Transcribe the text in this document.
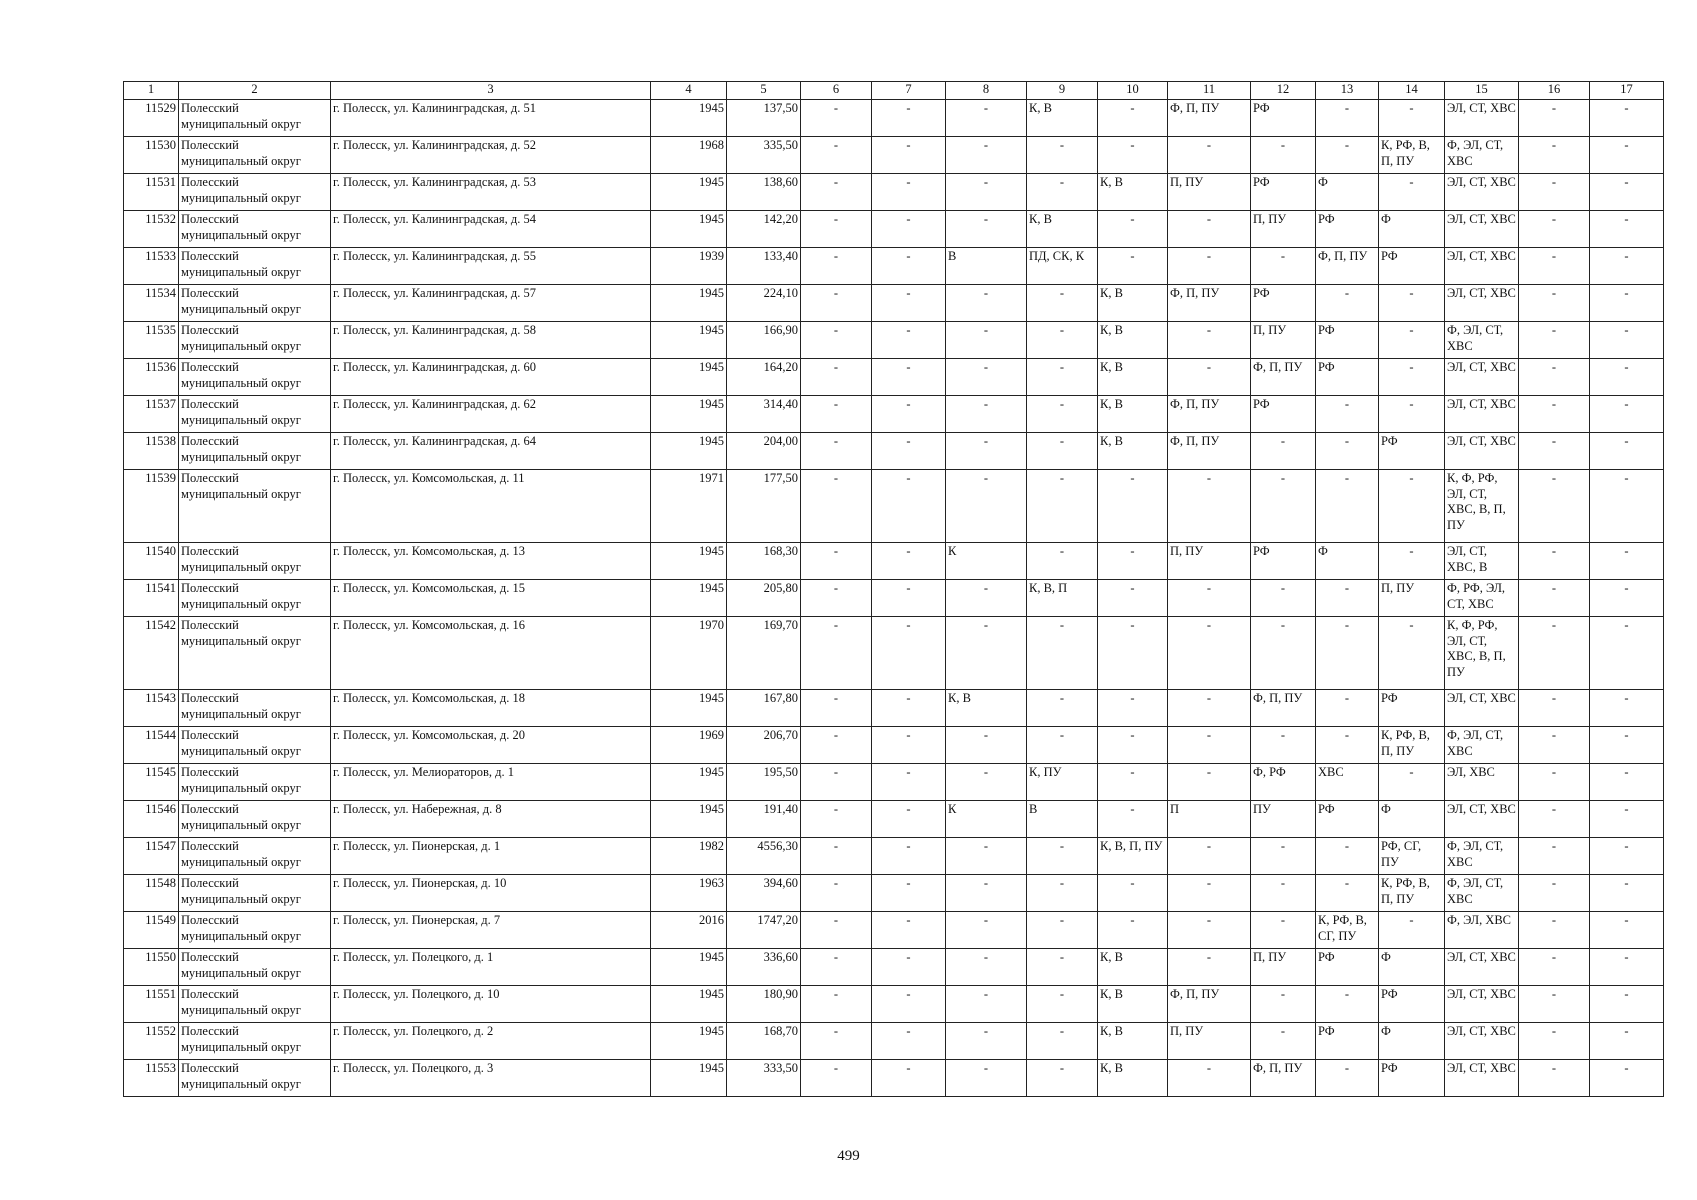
1	2	3	4	5	6	7	8	9	10	11	12	13	14	15	16	17
11529	Полесский муниципальный округ	г. Полесск, ул. Калининградская, д. 51	1945	137,50	-	-	-	К, В	-	Ф, П, ПУ	РФ	-	-	ЭЛ, СТ, ХВС	-	-
11530	Полесский муниципальный округ	г. Полесск, ул. Калининградская, д. 52	1968	335,50	-	-	-	-	-	-	-	-	К, РФ, В, П, ПУ	Ф, ЭЛ, СТ, ХВС	-	-
11531	Полесский муниципальный округ	г. Полесск, ул. Калининградская, д. 53	1945	138,60	-	-	-	-	К, В	П, ПУ	РФ	Ф	-	ЭЛ, СТ, ХВС	-	-
11532	Полесский муниципальный округ	г. Полесск, ул. Калининградская, д. 54	1945	142,20	-	-	-	К, В	-	-	П, ПУ	РФ	Ф	ЭЛ, СТ, ХВС	-	-
11533	Полесский муниципальный округ	г. Полесск, ул. Калининградская, д. 55	1939	133,40	-	-	В	ПД, СК, К	-	-	-	Ф, П, ПУ	РФ	ЭЛ, СТ, ХВС	-	-
11534	Полесский муниципальный округ	г. Полесск, ул. Калининградская, д. 57	1945	224,10	-	-	-	-	К, В	Ф, П, ПУ	РФ	-	-	ЭЛ, СТ, ХВС	-	-
11535	Полесский муниципальный округ	г. Полесск, ул. Калининградская, д. 58	1945	166,90	-	-	-	-	К, В	-	П, ПУ	РФ	-	Ф, ЭЛ, СТ, ХВС	-	-
11536	Полесский муниципальный округ	г. Полесск, ул. Калининградская, д. 60	1945	164,20	-	-	-	-	К, В	-	Ф, П, ПУ	РФ	-	ЭЛ, СТ, ХВС	-	-
11537	Полесский муниципальный округ	г. Полесск, ул. Калининградская, д. 62	1945	314,40	-	-	-	-	К, В	Ф, П, ПУ	РФ	-	-	ЭЛ, СТ, ХВС	-	-
11538	Полесский муниципальный округ	г. Полесск, ул. Калининградская, д. 64	1945	204,00	-	-	-	-	К, В	Ф, П, ПУ	-	-	РФ	ЭЛ, СТ, ХВС	-	-
11539	Полесский муниципальный округ	г. Полесск, ул. Комсомольская, д. 11	1971	177,50	-	-	-	-	-	-	-	-	-	К, Ф, РФ, ЭЛ, СТ, ХВС, В, П, ПУ	-	-
11540	Полесский муниципальный округ	г. Полесск, ул. Комсомольская, д. 13	1945	168,30	-	-	К	-	-	П, ПУ	РФ	Ф	-	ЭЛ, СТ, ХВС, В	-	-
11541	Полесский муниципальный округ	г. Полесск, ул. Комсомольская, д. 15	1945	205,80	-	-	-	К, В, П	-	-	-	-	П, ПУ	Ф, РФ, ЭЛ, СТ, ХВС	-	-
11542	Полесский муниципальный округ	г. Полесск, ул. Комсомольская, д. 16	1970	169,70	-	-	-	-	-	-	-	-	-	К, Ф, РФ, ЭЛ, СТ, ХВС, В, П, ПУ	-	-
11543	Полесский муниципальный округ	г. Полесск, ул. Комсомольская, д. 18	1945	167,80	-	-	К, В	-	-	-	Ф, П, ПУ	-	РФ	ЭЛ, СТ, ХВС	-	-
11544	Полесский муниципальный округ	г. Полесск, ул. Комсомольская, д. 20	1969	206,70	-	-	-	-	-	-	-	-	К, РФ, В, П, ПУ	Ф, ЭЛ, СТ, ХВС	-	-
11545	Полесский муниципальный округ	г. Полесск, ул. Мелиораторов, д. 1	1945	195,50	-	-	-	К, ПУ	-	-	Ф, РФ	ХВС	-	ЭЛ, ХВС	-	-
11546	Полесский муниципальный округ	г. Полесск, ул. Набережная, д. 8	1945	191,40	-	-	К	В	-	П	ПУ	РФ	Ф	ЭЛ, СТ, ХВС	-	-
11547	Полесский муниципальный округ	г. Полесск, ул. Пионерская, д. 1	1982	4556,30	-	-	-	-	К, В, П, ПУ	-	-	-	РФ, СГ, ПУ	Ф, ЭЛ, СТ, ХВС	-	-
11548	Полесский муниципальный округ	г. Полесск, ул. Пионерская, д. 10	1963	394,60	-	-	-	-	-	-	-	-	К, РФ, В, П, ПУ	Ф, ЭЛ, СТ, ХВС	-	-
11549	Полесский муниципальный округ	г. Полесск, ул. Пионерская, д. 7	2016	1747,20	-	-	-	-	-	-	-	К, РФ, В, СГ, ПУ	-	Ф, ЭЛ, ХВС	-	-
11550	Полесский муниципальный округ	г. Полесск, ул. Полецкого, д. 1	1945	336,60	-	-	-	-	К, В	-	П, ПУ	РФ	Ф	ЭЛ, СТ, ХВС	-	-
11551	Полесский муниципальный округ	г. Полесск, ул. Полецкого, д. 10	1945	180,90	-	-	-	-	К, В	Ф, П, ПУ	-	-	РФ	ЭЛ, СТ, ХВС	-	-
11552	Полесский муниципальный округ	г. Полесск, ул. Полецкого, д. 2	1945	168,70	-	-	-	-	К, В	П, ПУ	-	РФ	Ф	ЭЛ, СТ, ХВС	-	-
11553	Полесский муниципальный округ	г. Полесск, ул. Полецкого, д. 3	1945	333,50	-	-	-	-	К, В	-	Ф, П, ПУ	-	РФ	ЭЛ, СТ, ХВС	-	-
499
